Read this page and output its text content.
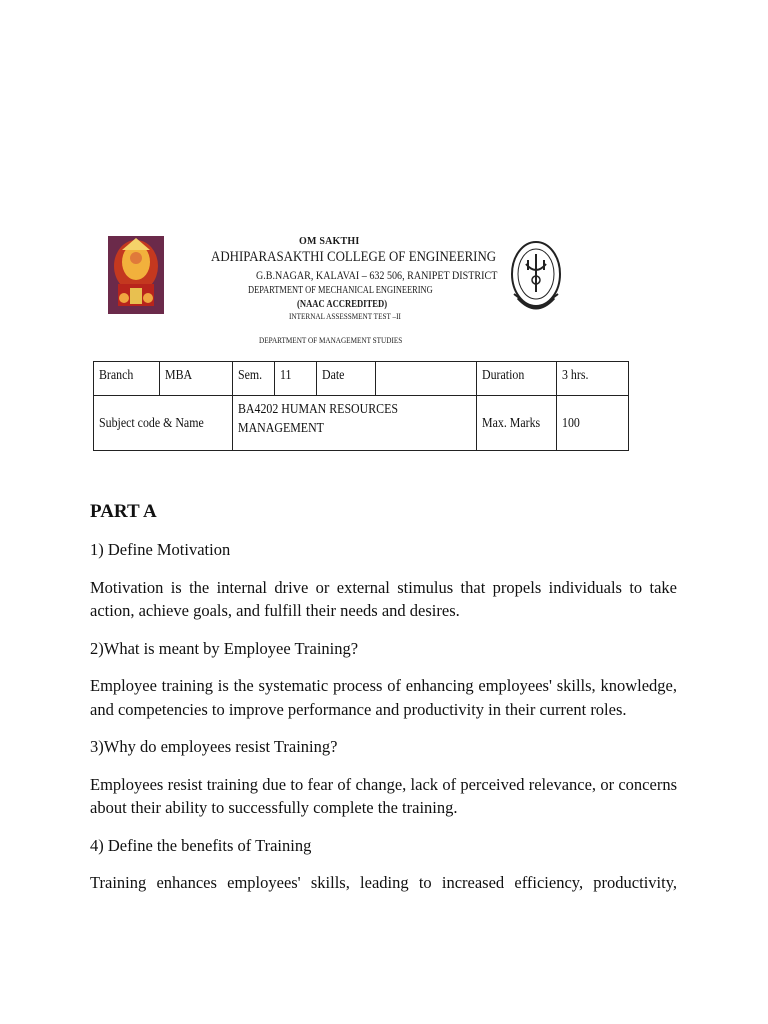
OM SAKTHI
ADHIPARASAKTHI COLLEGE OF ENGINEERING
G.B.NAGAR, KALAVAI – 632 506, RANIPET DISTRICT
DEPARTMENT OF MECHANICAL ENGINEERING
(NAAC ACCREDITED)
INTERNAL ASSESSMENT TEST –II
DEPARTMENT OF MANAGEMENT STUDIES
Branch	MBA	Sem.	11	Date		Duration	3 hrs.
Subject code & Name		BA4202 HUMAN RESOURCES MANAGEMENT				Max. Marks	100
PART A
1) Define Motivation
Motivation is the internal drive or external stimulus that propels individuals to take action, achieve goals, and fulfill their needs and desires.
2)What is meant by Employee Training?
Employee training is the systematic process of enhancing employees' skills, knowledge, and competencies to improve performance and productivity in their current roles.
3)Why do employees resist Training?
Employees resist training due to fear of change, lack of perceived relevance, or concerns about their ability to successfully complete the training.
4) Define the benefits of Training
Training enhances employees' skills, leading to increased efficiency, productivity,
